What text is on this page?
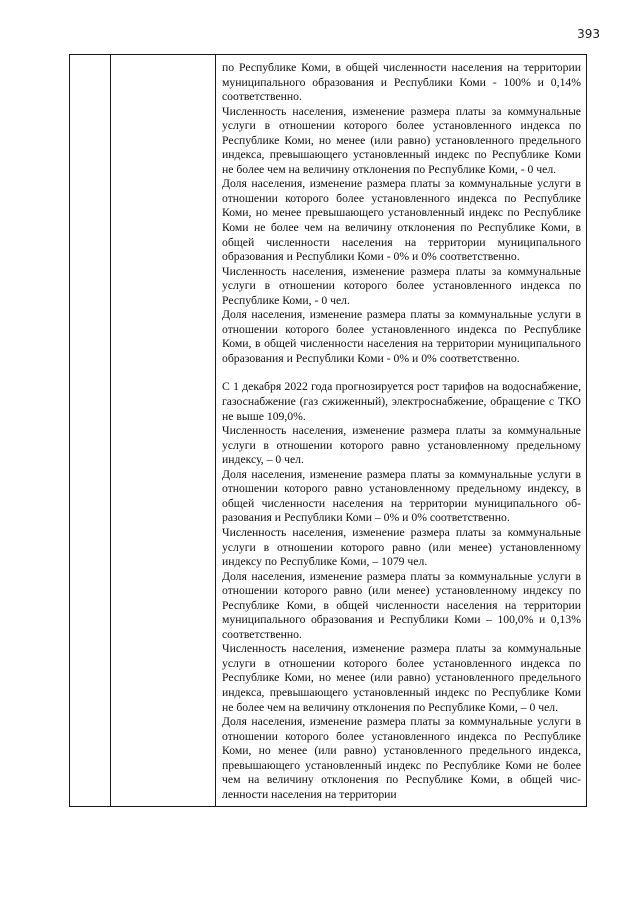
393

по Республике Коми, в общей численности населения на территории муниципального образования и Республики Коми - 100% и 0,14% соответственно.

Численность населения, изменение размера платы за коммунальные услуги в отношении которого более установленного индекса по Республике Коми, но менее (или равно) установленного предельного индекса, превышающего установленный индекс по Республике Коми не более чем на величину отклонения по Республике Коми, - 0 чел.

Доля населения, изменение размера платы за коммунальные услуги в отношении которого более установленного индекса по Республике Коми, но менее превышающего установленный индекс по Республике Коми не более чем на величину отклонения по Республике Коми, в общей численности населения на территории муниципального образования и Республики Коми - 0% и 0% соответственно.

Численность населения, изменение размера платы за коммунальные услуги в отношении которого более установленного индекса по Республике Коми, - 0 чел.

Доля населения, изменение размера платы за коммунальные услуги в отношении которого более установленного индекса по Республике Коми, в общей численности населения на территории муниципального образования и Республики Коми - 0% и 0% соответственно.

С 1 декабря 2022 года прогнозируется рост тарифов на водоснабжение, газоснабжение (газ сжиженный), электроснабжение, обращение с ТКО не выше 109,0%.

Численность населения, изменение размера платы за коммунальные услуги в отношении которого равно установленному предельному индексу, – 0 чел.

Доля населения, изменение размера платы за коммунальные услуги в отношении которого равно установленному предельному индексу, в общей численности населения на территории муниципального образования и Республики Коми – 0% и 0% соответственно.

Численность населения, изменение размера платы за коммунальные услуги в отношении которого равно (или менее) установленному индексу по Республике Коми, – 1079 чел.

Доля населения, изменение размера платы за коммунальные услуги в отношении которого равно (или менее) установленному индексу по Республике Коми, в общей численности населения на территории муниципального образования и Республики Коми – 100,0% и 0,13% соответственно.

Численность населения, изменение размера платы за коммунальные услуги в отношении которого более установленного индекса по Республике Коми, но менее (или равно) установленного предельного индекса, превышающего установленный индекс по Республике Коми не более чем на величину отклонения по Республике Коми, – 0 чел.

Доля населения, изменение размера платы за коммунальные услуги в отношении которого более установленного индекса по Республике Коми, но менее (или равно) установленного предельного индекса, превышающего установленный индекс по Республике Коми не более чем на величину отклонения по Республике Коми, в общей численности населения на территории
